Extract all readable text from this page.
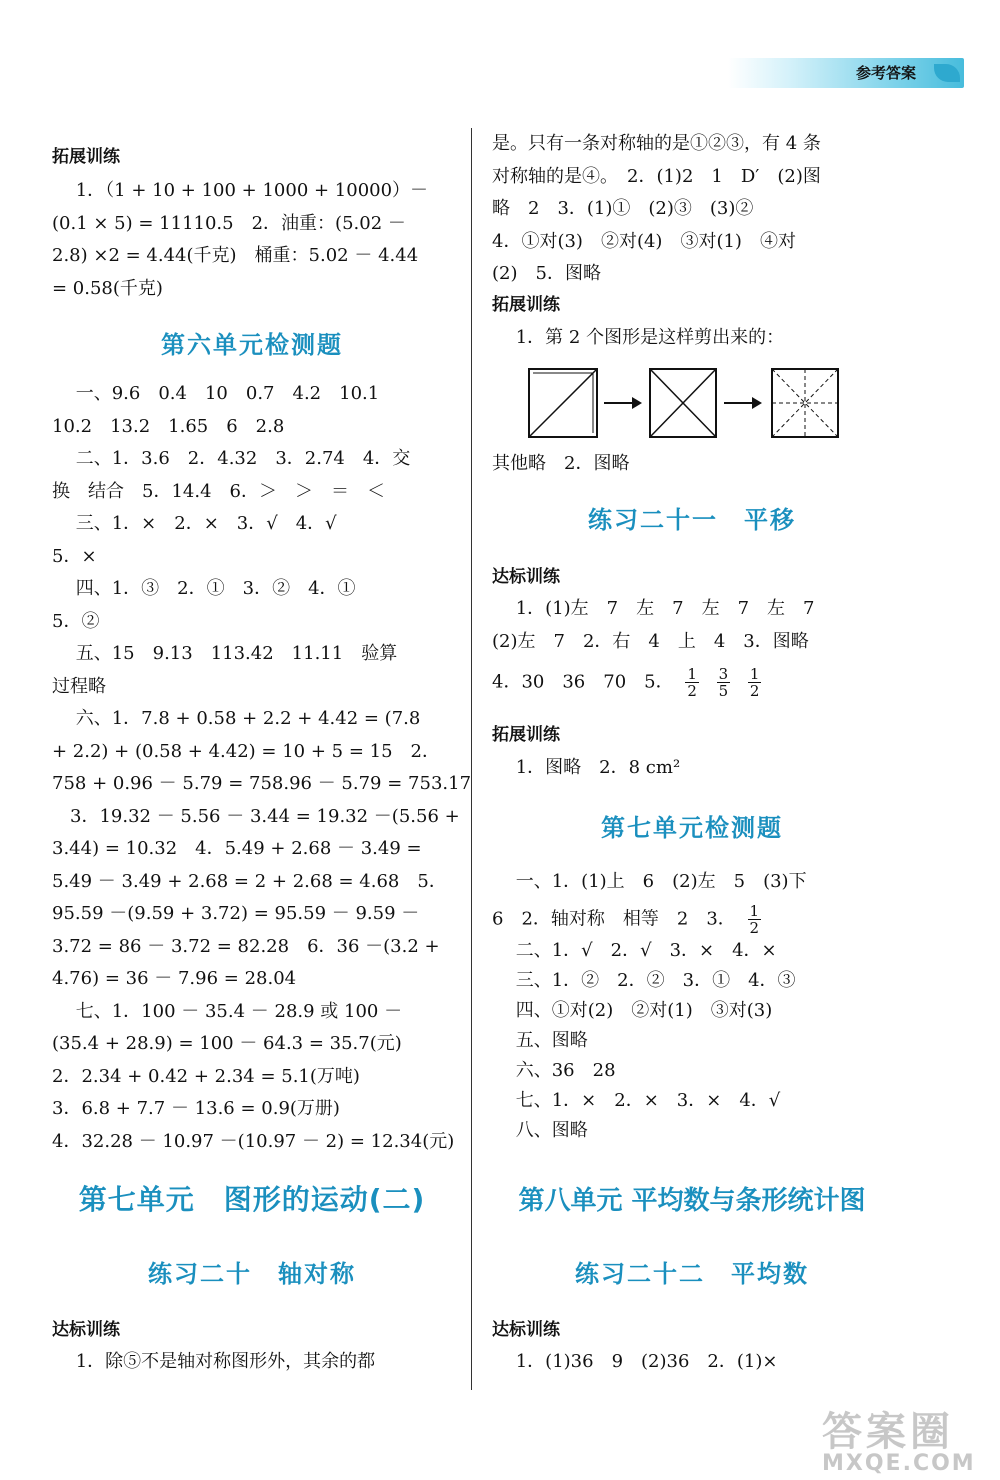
参考答案
拓展训练
　 1．（1 + 10 + 100 + 1000 + 10000）－
(0.1 × 5) = 11110.5　2．油重：(5.02 －
2.8) ×2 = 4.44(千克)　桶重：5.02 － 4.44
= 0.58(千克)
第六单元检测题
　 一、9.6　0.4　10　0.7　4.2　10.1
10.2　13.2　1.65　6　2.8
　 二、1．3.6　2．4.32　3．2.74　4．交
换　结合　5．14.4　6．＞　＞　＝　＜
　 三、1．×　2．×　3．√　4．√
5．×
　 四、1．③　2．①　3．②　4．①
5．②
　 五、15　9.13　113.42　11.11　验算
过程略
　 六、1．7.8 + 0.58 + 2.2 + 4.42 = (7.8
+ 2.2) + (0.58 + 4.42) = 10 + 5 = 15　2．
758 + 0.96 － 5.79 = 758.96 － 5.79 = 753.17
　3．19.32 － 5.56 － 3.44 = 19.32 －(5.56 +
3.44) = 10.32　4．5.49 + 2.68 － 3.49 =
5.49 － 3.49 + 2.68 = 2 + 2.68 = 4.68　5．
95.59 －(9.59 + 3.72) = 95.59 － 9.59 －
3.72 = 86 － 3.72 = 82.28　6．36 －(3.2 +
4.76) = 36 － 7.96 = 28.04
　 七、1．100 － 35.4 － 28.9 或 100 －
(35.4 + 28.9) = 100 － 64.3 = 35.7(元)
2．2.34 + 0.42 + 2.34 = 5.1(万吨)
3．6.8 + 7.7 － 13.6 = 0.9(万册)
4．32.28 － 10.97 －(10.97 － 2) = 12.34(元)
第七单元　图形的运动(二)
练习二十　轴对称
达标训练
　 1．除⑤不是轴对称图形外，其余的都
是。只有一条对称轴的是①②③，有 4 条
对称轴的是④。　2．(1)2　1　D′　(2)图
略　2　3．(1)①　(2)③　(3)②
4．①对(3)　②对(4)　③对(1)　④对
(2)　5．图略
拓展训练
　 1．第 2 个图形是这样剪出来的：
其他略　2．图略
练习二十一　平移
达标训练
　 1．(1)左　7　左　7　左　7　左　7
(2)左　7　2．右　4　上　4　3．图略
4．30　36　70　5． $\frac{1}{2}$
$\frac{3}{5}$
$\frac{1}{2}$
拓展训练
　 1．图略　2．8 cm²
第七单元检测题
　 一、1．(1)上　6　(2)左　5　(3)下
6　2．轴对称　相等　2　3． $\frac{1}{2}$
　 二、1．√　2．√　3．×　4．×
　 三、1．②　2．②　3．①　4．③
　 四、①对(2)　②对(1)　③对(3)
　 五、图略
　 六、36　28
　 七、1．×　2．×　3．×　4．√
　 八、图略
第八单元 平均数与条形统计图
练习二十二　平均数
达标训练
　 1．(1)36　9　(2)36　2．(1)×
答案圈
MXQE.COM
